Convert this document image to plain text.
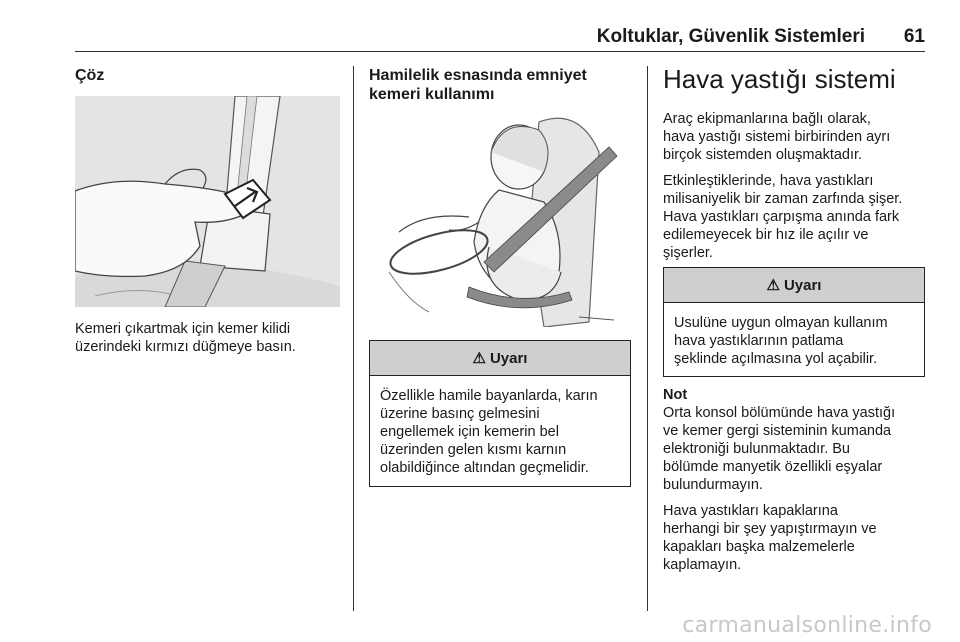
Koltuklar, Güvenlik Sistemleri 61

Çöz

Kemeri çıkartmak için kemer kilidi

üzerindeki kırmızı düğmeye basın.

Hamilelik esnasında emniyet

kemeri kullanımı

⚠ Uyarı
Özellikle hamile bayanlarda, karın
üzerine basınç gelmesini
engellemek için kemerin bel
üzerinden gelen kısmı karnın
olabildiğince altından geçmelidir.

Hava yastığı sistemi

Araç ekipmanlarına bağlı olarak,

hava yastığı sistemi birbirinden ayrı

birçok sistemden oluşmaktadır.

Etkinleştiklerinde, hava yastıkları

milisaniyelik bir zaman zarfında şişer.

Hava yastıkları çarpışma anında fark

edilemeyecek bir hız ile açılır ve

şişerler.

⚠ Uyarı
Usulüne uygun olmayan kullanım
hava yastıklarının patlama
şeklinde açılmasına yol açabilir.

Not

Orta konsol bölümünde hava yastığı

ve kemer gergi sisteminin kumanda

elektroniği bulunmaktadır. Bu

bölümde manyetik özellikli eşyalar

bulundurmayın.

Hava yastıkları kapaklarına

herhangi bir şey yapıştırmayın ve

kapakları başka malzemelerle

kaplamayın.

carmanualsonline.info
